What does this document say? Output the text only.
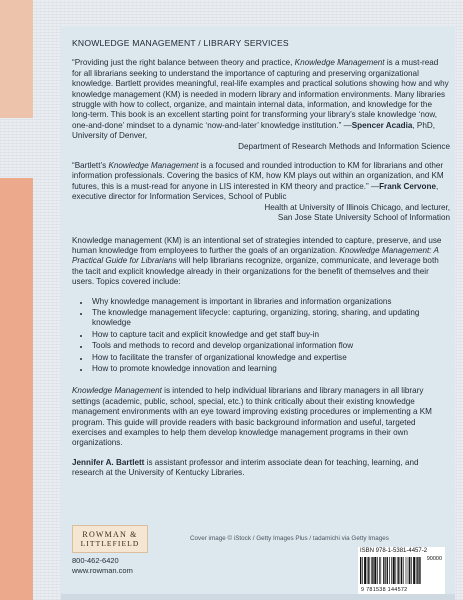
KNOWLEDGE MANAGEMENT / LIBRARY SERVICES

“Providing just the right balance between theory and practice, Knowledge Management is a must-read for all librarians seeking to understand the importance of capturing and preserving organizational knowledge. Bartlett provides meaningful, real-life examples and practical solutions showing how and why knowledge management (KM) is needed in modern library and information environments. Many libraries struggle with how to collect, organize, and maintain internal data, information, and knowledge for the long-term. This book is an excellent starting point for transforming your library’s stale knowledge ‘now, one-and-done’ mindset to a dynamic ‘now-and-later’ knowledge institution.” —Spencer Acadia, PhD, University of Denver,

Department of Research Methods and Information Science

“Bartlett’s Knowledge Management is a focused and rounded introduction to KM for librarians and other information professionals. Covering the basics of KM, how KM plays out within an organization, and KM futures, this is a must-read for anyone in LIS interested in KM theory and practice.” —Frank Cervone, executive director for Information Services, School of Public
Health at University of Illinois Chicago, and lecturer,
San Jose State University School of Information

Knowledge management (KM) is an intentional set of strategies intended to capture, preserve, and use human knowledge from employees to further the goals of an organization. Knowledge Management: A Practical Guide for Librarians will help librarians recognize, organize, communicate, and leverage both the tacit and explicit knowledge already in their organizations for the benefit of themselves and their users. Topics covered include:

• Why knowledge management is important in libraries and information organizations
• The knowledge management lifecycle: capturing, organizing, storing, sharing, and updating knowledge
• How to capture tacit and explicit knowledge and get staff buy-in
• Tools and methods to record and develop organizational information flow
• How to facilitate the transfer of organizational knowledge and expertise
• How to promote knowledge innovation and learning

Knowledge Management is intended to help individual librarians and library managers in all library settings (academic, public, school, special, etc.) to think critically about their existing knowledge management environments with an eye toward improving existing procedures or implementing a KM program. This guide will provide readers with basic background information and useful, targeted exercises and examples to help them develop knowledge management programs in their own organizations.

Jennifer A. Bartlett is assistant professor and interim associate dean for teaching, learning, and research at the University of Kentucky Libraries.

ROWMAN &
LITTLEFIELD
800-462-6420
www.rowman.com
Cover image © iStock / Getty Images Plus / tadamichi via Getty Images
ISBN 978-1-5381-4457-2
90000
9 781538 144572
